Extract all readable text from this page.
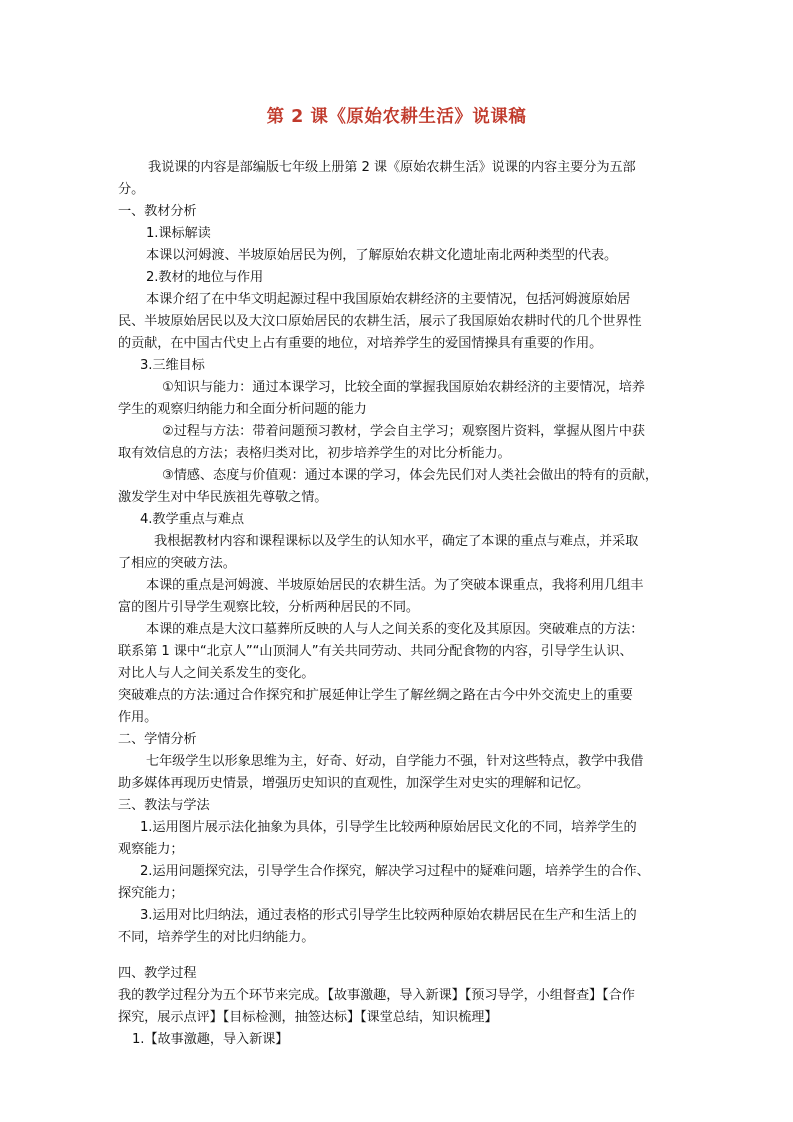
第 2 课《原始农耕生活》说课稿

我说课的内容是部编版七年级上册第 2 课《原始农耕生活》说课的内容主要分为五部

分。

一、教材分析

1.课标解读

本课以河姆渡、半坡原始居民为例，了解原始农耕文化遗址南北两种类型的代表。

2.教材的地位与作用

本课介绍了在中华文明起源过程中我国原始农耕经济的主要情况，包括河姆渡原始居

民、半坡原始居民以及大汶口原始居民的农耕生活，展示了我国原始农耕时代的几个世界性

的贡献，在中国古代史上占有重要的地位，对培养学生的爱国情操具有重要的作用。

3.三维目标

①知识与能力：通过本课学习，比较全面的掌握我国原始农耕经济的主要情况，培养

学生的观察归纳能力和全面分析问题的能力

②过程与方法：带着问题预习教材，学会自主学习；观察图片资料，掌握从图片中获

取有效信息的方法；表格归类对比，初步培养学生的对比分析能力。

③情感、态度与价值观：通过本课的学习，体会先民们对人类社会做出的特有的贡献，

激发学生对中华民族祖先尊敬之情。

4.教学重点与难点

我根据教材内容和课程课标以及学生的认知水平，确定了本课的重点与难点，并采取

了相应的突破方法。

本课的重点是河姆渡、半坡原始居民的农耕生活。为了突破本课重点，我将利用几组丰

富的图片引导学生观察比较，分析两种居民的不同。

本课的难点是大汶口墓葬所反映的人与人之间关系的变化及其原因。突破难点的方法：

联系第 1 课中“北京人”“山顶洞人”有关共同劳动、共同分配食物的内容，引导学生认识、

对比人与人之间关系发生的变化。

突破难点的方法:通过合作探究和扩展延伸让学生了解丝绸之路在古今中外交流史上的重要

作用。

二、学情分析

七年级学生以形象思维为主，好奇、好动，自学能力不强，针对这些特点，教学中我借

助多媒体再现历史情景，增强历史知识的直观性，加深学生对史实的理解和记忆。

三、教法与学法

1.运用图片展示法化抽象为具体，引导学生比较两种原始居民文化的不同，培养学生的

观察能力；

2.运用问题探究法，引导学生合作探究，解决学习过程中的疑难问题，培养学生的合作、

探究能力；

3.运用对比归纳法，通过表格的形式引导学生比较两种原始农耕居民在生产和生活上的

不同，培养学生的对比归纳能力。

四、教学过程

我的教学过程分为五个环节来完成。【故事激趣，导入新课】【预习导学，小组督查】【合作

探究，展示点评】【目标检测，抽签达标】【课堂总结，知识梳理】

1.【故事激趣，导入新课】
